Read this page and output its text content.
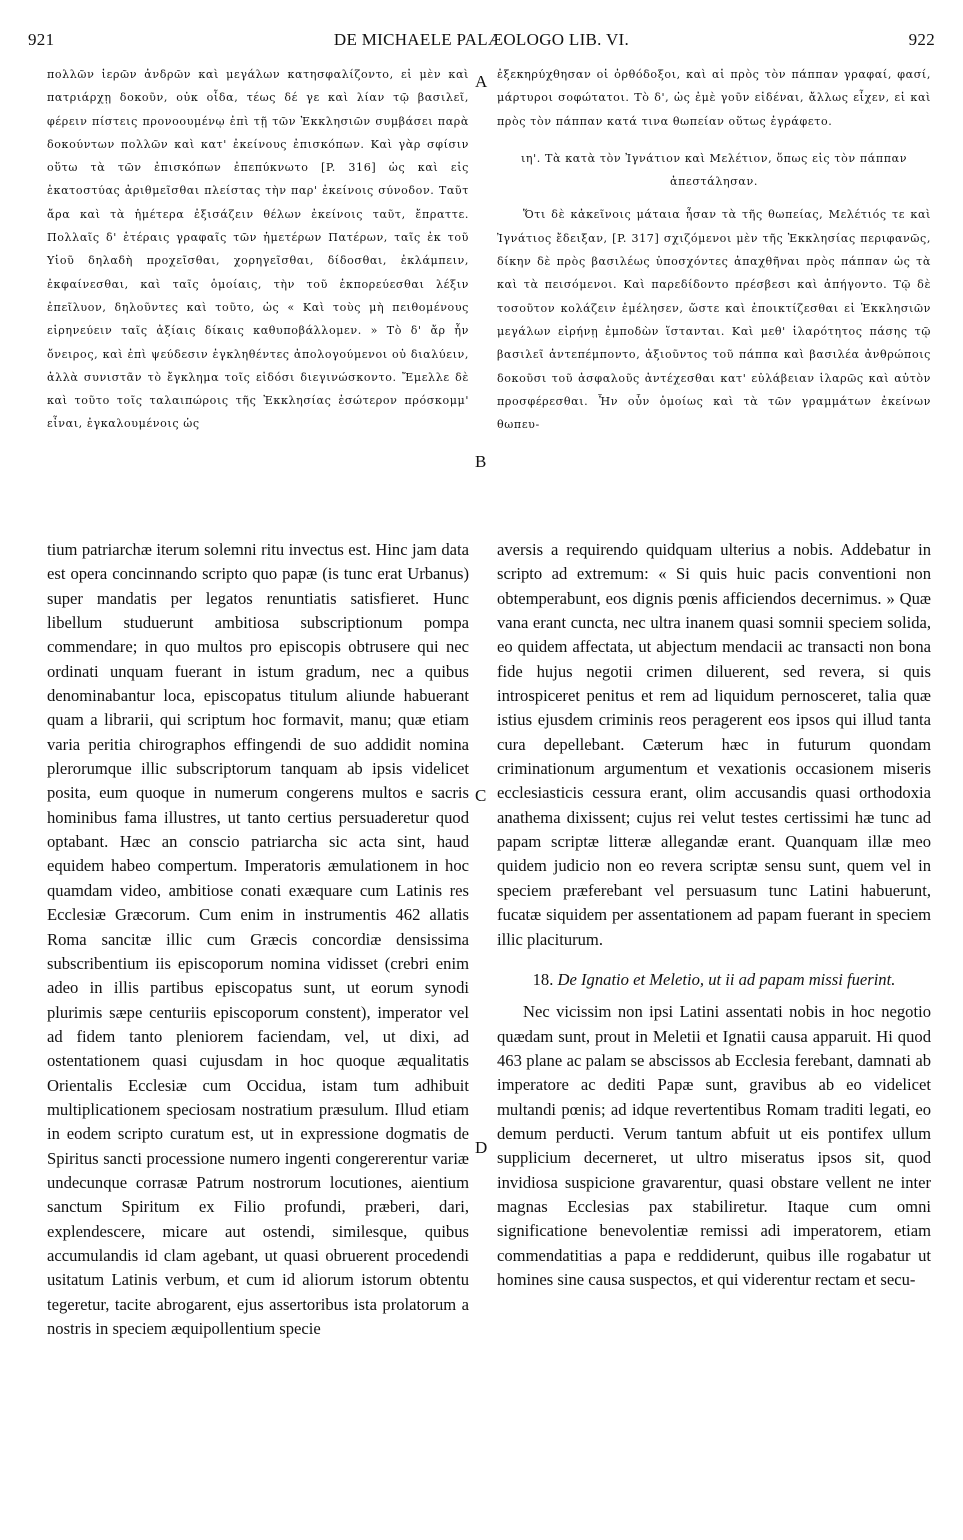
921	DE MICHAELE PALÆOLOGO LIB. VI.	922
A
B
C
D

πολλῶν ἱερῶν ἀνδρῶν καὶ μεγάλων κατησφαλίζοντο, εἰ μὲν καὶ πατριάρχῃ δοκοῦν, οὐκ οἶδα, τέως δέ γε καὶ λίαν τῷ βασιλεῖ, φέρειν πίστεις προνοουμένῳ ἐπὶ τῇ τῶν Ἐκκλησιῶν συμβάσει παρὰ δοκούντων πολλῶν καὶ κατ' ἐκείνους ἐπισκόπων. Καὶ γὰρ σφίσιν οὕτω τὰ τῶν ἐπισκόπων ἐπεπύκνωτο [P. 316] ὡς καὶ εἰς ἑκατοστύας ἀριθμεῖσθαι πλείστας τὴν παρ' ἐκείνοις σύνοδον. Ταῦτ ἄρα καὶ τὰ ἡμέτερα ἐξισάζειν θέλων ἐκείνοις ταῦτ, ἔπραττε. Πολλαῖς δ' ἑτέραις γραφαῖς τῶν ἡμετέρων Πατέρων, ταῖς ἐκ τοῦ Υἱοῦ δηλαδὴ προχεῖσθαι, χορηγεῖσθαι, δίδοσθαι, ἐκλάμπειν, ἐκφαίνεσθαι, καὶ ταῖς ὁμοίαις, τὴν τοῦ ἐκπορεύεσθαι λέξιν ἐπεῖλυον, δηλοῦντες καὶ τοῦτο, ὡς « Καὶ τοὺς μὴ πειθομένους εἰρηνεύειν ταῖς ἀξίαις δίκαις καθυποβάλλομεν. » Τὸ δ' ἄρ ἦν ὄνειρος, καὶ ἐπὶ ψεύδεσιν ἐγκληθέντες ἀπολογούμενοι οὐ διαλύειν, ἀλλὰ συνιστᾶν τὸ ἔγκλημα τοῖς εἰδόσι διεγινώσκοντο. Ἔμελλε δὲ καὶ τοῦτο τοῖς ταλαιπώροις τῆς Ἐκκλησίας ἐσώτερον πρόσκομμ' εἶναι, ἐγκαλουμένοις ὡς

ἐξεκηρύχθησαν οἱ ὀρθόδοξοι, καὶ αἱ πρὸς τὸν πάππαν γραφαί, φασί, μάρτυροι σοφώτατοι. Τὸ δ', ὡς ἐμὲ γοῦν εἰδέναι, ἄλλως εἶχεν, εἰ καὶ πρὸς τὸν πάππαν κατά τινα θωπείαν οὕτως ἐγράφετο.

ιη'. Τὰ κατὰ τὸν Ἰγνάτιον καὶ Μελέτιον, ὅπως εἰς τὸν πάππαν ἀπεστάλησαν.

Ὅτι δὲ κἀκεῖνοις μάταια ἦσαν τὰ τῆς θωπείας, Μελέτιός τε καὶ Ἰγνάτιος ἔδειξαν, [P. 317] σχιζόμενοι μὲν τῆς Ἐκκλησίας περιφανῶς, δίκην δὲ πρὸς βασιλέως ὑποσχόντες ἀπαχθῆναι πρὸς πάππαν ὡς τὰ καὶ τὰ πεισόμενοι. Καὶ παρεδίδοντο πρέσβεσι καὶ ἀπήγοντο. Τῷ δὲ τοσοῦτον κολάζειν ἐμέλησεν, ὥστε καὶ ἐποικτίζεσθαι εἰ Ἐκκλησιῶν μεγάλων εἰρήνῃ ἐμποδὼν ἵστανται. Καὶ μεθ' ἱλαρότητος πάσης τῷ βασιλεῖ ἀντεπέμποντο, ἀξιοῦντος τοῦ πάππα καὶ βασιλέα ἀνθρώποις δοκοῦσι τοῦ ἀσφαλοῦς ἀντέχεσθαι κατ' εὐλάβειαν ἱλαρῶς καὶ αὐτὸν προσφέρεσθαι. Ἦν οὖν ὁμοίως καὶ τὰ τῶν γραμμάτων ἐκείνων θωπευ-

tium patriarchæ iterum solemni ritu invectus est. Hinc jam data est opera concinnando scripto quo papæ (is tunc erat Urbanus) super mandatis per legatos renuntiatis satisfieret. Hunc libellum studuerunt ambitiosa subscriptionum pompa commendare; in quo multos pro episcopis obtrusere qui nec ordinati unquam fuerant in istum gradum, nec a quibus denominabantur loca, episcopatus titulum aliunde habuerant quam a librarii, qui scriptum hoc formavit, manu; quæ etiam varia peritia chirographos effingendi de suo addidit nomina plerorumque illic subscriptorum tanquam ab ipsis videlicet posita, eum quoque in numerum congerens multos e sacris hominibus fama illustres, ut tanto certius persuaderetur quod optabant. Hæc an conscio patriarcha sic acta sint, haud equidem habeo compertum. Imperatoris æmulationem in hoc quamdam video, ambitiose conati exæquare cum Latinis res Ecclesiæ Græcorum. Cum enim in instrumentis 462 allatis Roma sancitæ illic cum Græcis concordiæ densissima subscribentium iis episcoporum nomina vidisset (crebri enim adeo in illis partibus episcopatus sunt, ut eorum synodi plurimis sæpe centuriis episcoporum constent), imperator vel ad fidem tanto pleniorem faciendam, vel, ut dixi, ad ostentationem quasi cujusdam in hoc quoque æqualitatis Orientalis Ecclesiæ cum Occidua, istam tum adhibuit multiplicationem speciosam nostratium præsulum. Illud etiam in eodem scripto curatum est, ut in expressione dogmatis de Spiritus sancti processione numero ingenti congererentur variæ undecunque corrasæ Patrum nostrorum locutiones, aientium sanctum Spiritum ex Filio profundi, præberi, dari, explendescere, micare aut ostendi, similesque, quibus accumulandis id clam agebant, ut quasi obruerent procedendi usitatum Latinis verbum, et cum id aliorum istorum obtentu tegeretur, tacite abrogarent, ejus assertoribus ista prolatorum a nostris in speciem æquipollentium specie

aversis a requirendo quidquam ulterius a nobis. Addebatur in scripto ad extremum: « Si quis huic pacis conventioni non obtemperabunt, eos dignis pœnis afficiendos decernimus. » Quæ vana erant cuncta, nec ultra inanem quasi somnii speciem solida, eo quidem affectata, ut abjectum mendacii ac transacti non bona fide hujus negotii crimen diluerent, sed revera, si quis introspiceret penitus et rem ad liquidum pernosceret, talia quæ istius ejusdem criminis reos peragerent eos ipsos qui illud tanta cura depellebant. Cæterum hæc in futurum quondam criminationum argumentum et vexationis occasionem miseris ecclesiasticis cessura erant, olim accusandis quasi orthodoxia anathema dixissent; cujus rei velut testes certissimi hæ tunc ad papam scriptæ litteræ allegandæ erant. Quanquam illæ meo quidem judicio non eo revera scriptæ sensu sunt, quem vel in speciem præferebant vel persuasum tunc Latini habuerunt, fucatæ siquidem per assentationem ad papam fuerant in speciem illic placiturum.

18. De Ignatio et Meletio, ut ii ad papam missi fuerint.

Nec vicissim non ipsi Latini assentati nobis in hoc negotio quædam sunt, prout in Meletii et Ignatii causa apparuit. Hi quod 463 plane ac palam se abscissos ab Ecclesia ferebant, damnati ab imperatore ac dediti Papæ sunt, gravibus ab eo videlicet multandi pœnis; ad idque revertentibus Romam traditi legati, eo demum perducti. Verum tantum abfuit ut eis pontifex ullum supplicium decerneret, ut ultro miseratus ipsos sit, quod invidiosa suspicione gravarentur, quasi obstare vellent ne inter magnas Ecclesias pax stabiliretur. Itaque cum omni significatione benevolentiæ remissi adi imperatorem, etiam commendatitias a papa e reddiderunt, quibus ille rogabatur ut homines sine causa suspectos, et qui viderentur rectam et secu-
